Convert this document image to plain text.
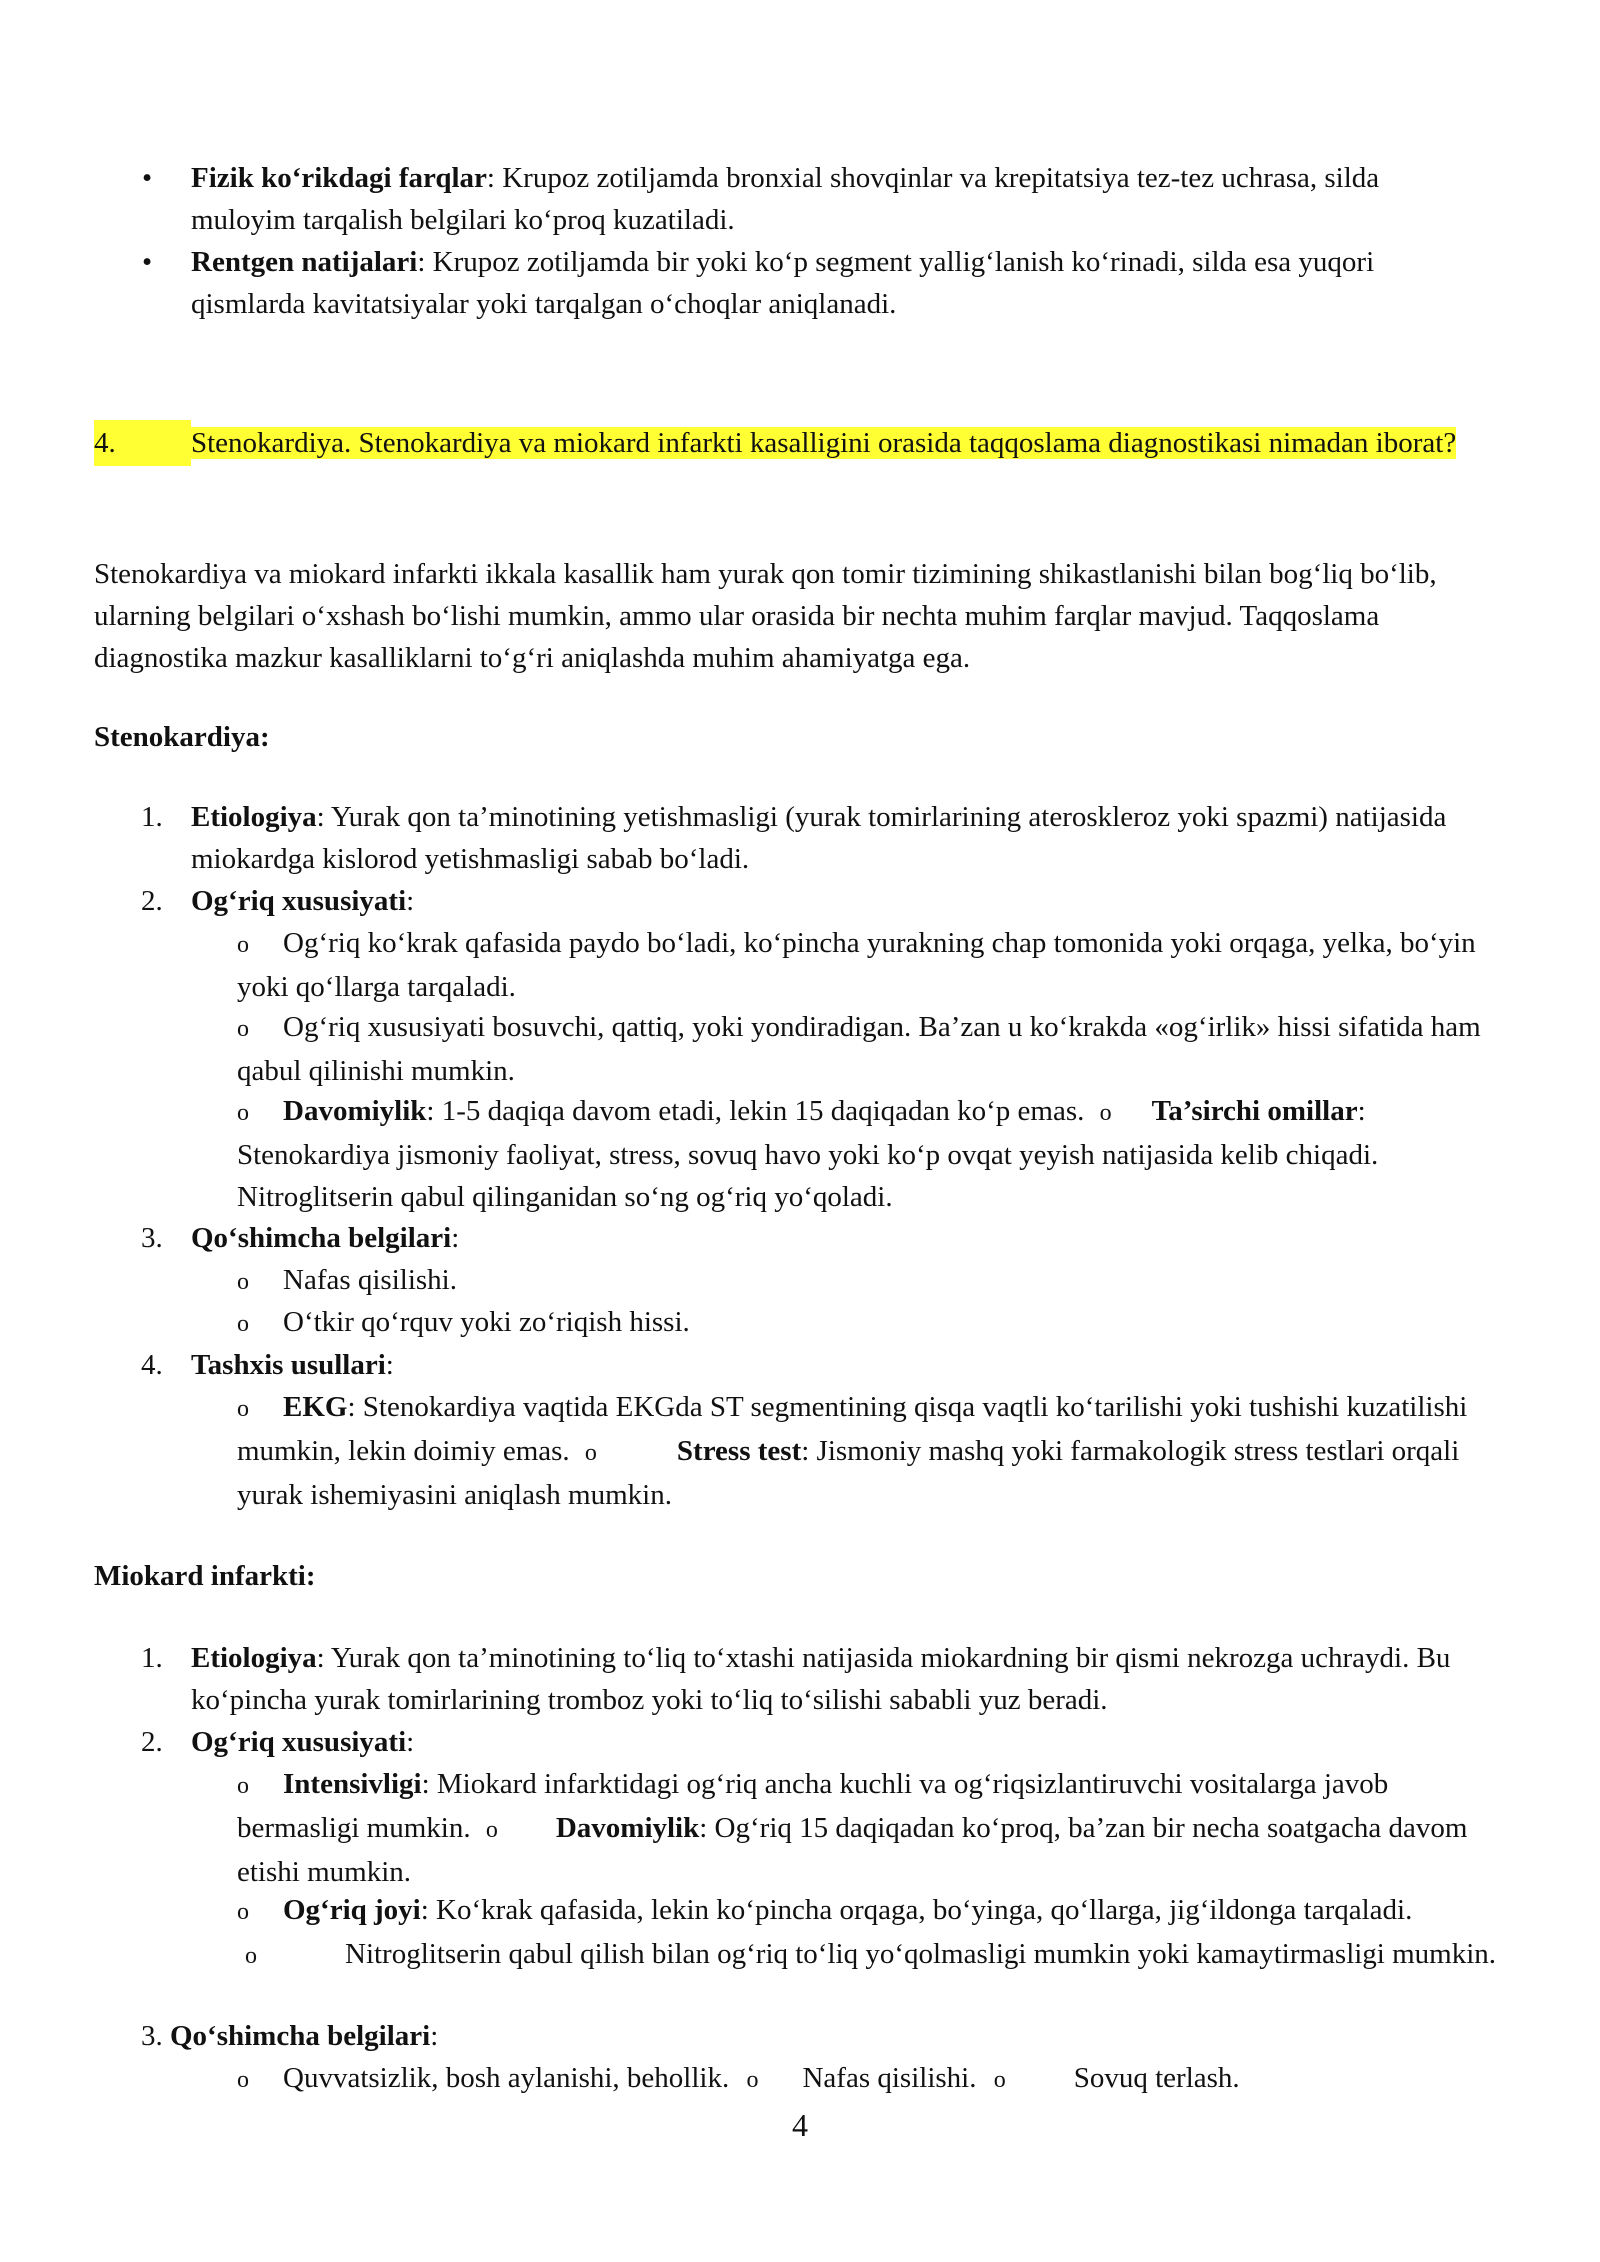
• Fizik ko‘rikdagi farqlar: Krupoz zotiljamda bronxial shovqinlar va krepitatsiya tez-tez uchrasa, silda muloyim tarqalish belgilari ko‘proq kuzatiladi.
• Rentgen natijalari: Krupoz zotiljamda bir yoki ko‘p segment yallig‘lanish ko‘rinadi, silda esa yuqori qismlarda kavitatsiyalar yoki tarqalgan o‘choqlar aniqlanadi.
4.	Stenokardiya. Stenokardiya va miokard infarkti kasalligini orasida taqqoslama diagnostikasi nimadan iborat?
Stenokardiya va miokard infarkti ikkala kasallik ham yurak qon tomir tizimining shikastlanishi bilan bog‘liq bo‘lib, ularning belgilari o‘xshash bo‘lishi mumkin, ammo ular orasida bir nechta muhim farqlar mavjud. Taqqoslama diagnostika mazkur kasalliklarni to‘g‘ri aniqlashda muhim ahamiyatga ega.
Stenokardiya:
1. Etiologiya: Yurak qon ta’minotining yetishmasligi (yurak tomirlarining ateroskleroz yoki spazmi) natijasida miokardga kislorod yetishmasligi sabab bo‘ladi.
2. Og‘riq xususiyati:
o Og‘riq ko‘krak qafasida paydo bo‘ladi, ko‘pincha yurakning chap tomonida yoki orqaga, yelka, bo‘yin yoki qo‘llarga tarqaladi.
o Og‘riq xususiyati bosuvchi, qattiq, yoki yondiradigan. Ba’zan u ko‘krakda «og‘irlik» hissi sifatida ham qabul qilinishi mumkin.
o Davomiylik: 1-5 daqiqa davom etadi, lekin 15 daqiqadan ko‘p emas. o Ta’sirchi omillar: Stenokardiya jismoniy faoliyat, stress, sovuq havo yoki ko‘p ovqat yeyish natijasida kelib chiqadi. Nitroglitserin qabul qilinganidan so‘ng og‘riq yo‘qoladi.
3. Qo‘shimcha belgilari:
o Nafas qisilishi.
o O‘tkir qo‘rquv yoki zo‘riqish hissi.
4. Tashxis usullari:
o EKG: Stenokardiya vaqtida EKGda ST segmentining qisqa vaqtli ko‘tarilishi yoki tushishi kuzatilishi mumkin, lekin doimiy emas. o	Stress test: Jismoniy mashq yoki farmakologik stress testlari orqali yurak ishemiyasini aniqlash mumkin.
Miokard infarkti:
1. Etiologiya: Yurak qon ta’minotining to‘liq to‘xtashi natijasida miokardning bir qismi nekrozga uchraydi. Bu ko‘pincha yurak tomirlarining tromboz yoki to‘liq to‘silishi sababli yuz beradi.
2. Og‘riq xususiyati:
o Intensivligi: Miokard infarktidagi og‘riq ancha kuchli va og‘riqsizlantiruvchi vositalarga javob bermasligi mumkin. o Davomiylik: Og‘riq 15 daqiqadan ko‘proq, ba’zan bir necha soatgacha davom etishi mumkin.
o Og‘riq joyi: Ko‘krak qafasida, lekin ko‘pincha orqaga, bo‘yinga, qo‘llarga, jig‘ildonga tarqaladi. o	Nitroglitserin qabul qilish bilan og‘riq to‘liq yo‘qolmasligi mumkin yoki kamaytirmasligi mumkin.
3. Qo‘shimcha belgilari:
o Quvvatsizlik, bosh aylanishi, behollik. o Nafas qisilishi. o Sovuq terlash.
4
